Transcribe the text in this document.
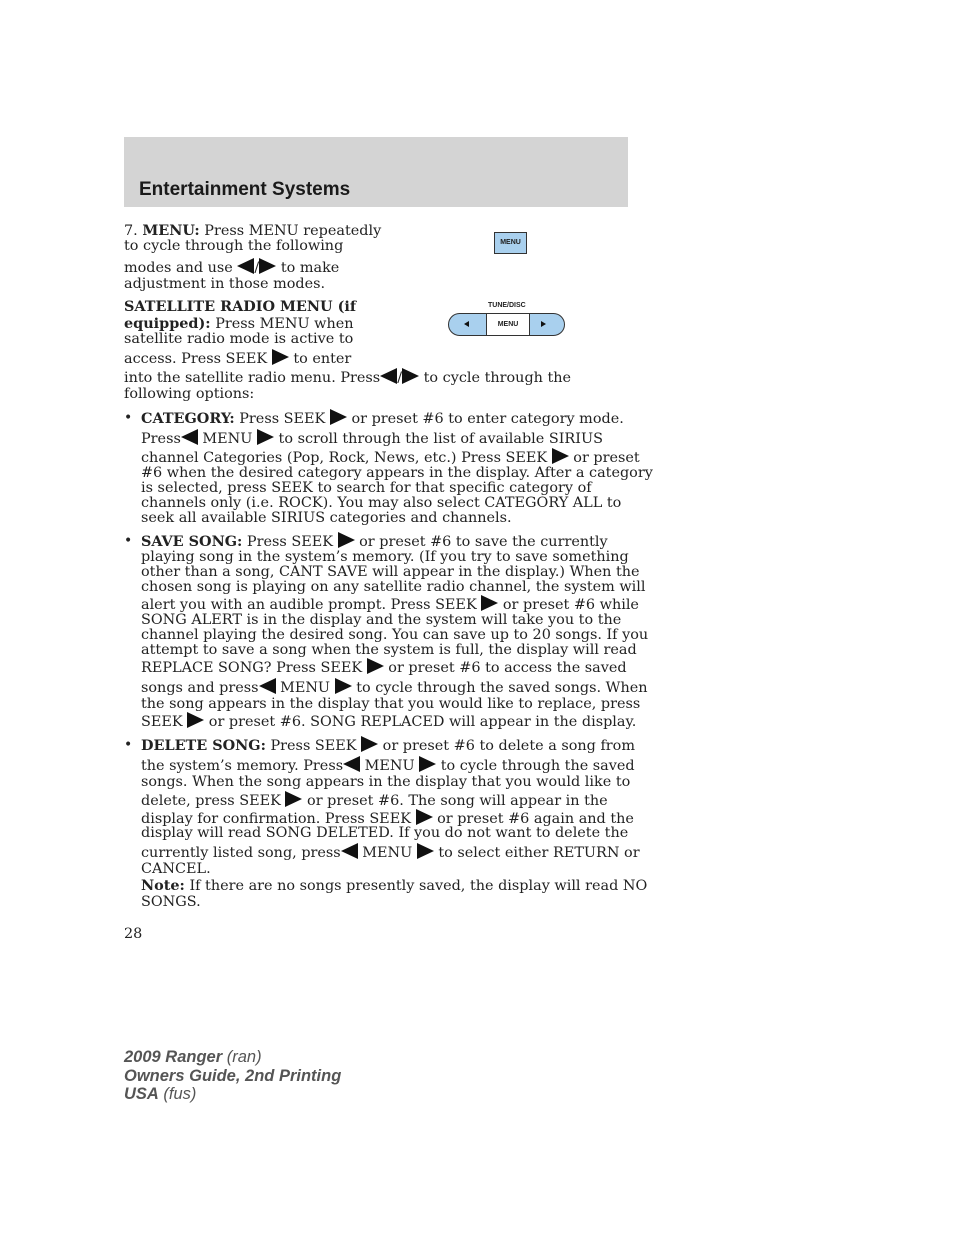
Entertainment Systems
MENU
TUNE/DISC
MENU
7. MENU: Press MENU repeatedly
to cycle through the following
modes and use / to make
adjustment in those modes.
SATELLITE RADIO MENU (if
equipped): Press MENU when
satellite radio mode is active to
access. Press SEEK  to enter
into the satellite radio menu. Press / to cycle through the
following options:
• CATEGORY: Press SEEK  or preset #6 to enter category mode.
Press MENU  to scroll through the list of available SIRIUS
channel Categories (Pop, Rock, News, etc.) Press SEEK  or preset
#6 when the desired category appears in the display. After a category
is selected, press SEEK to search for that specific category of
channels only (i.e. ROCK). You may also select CATEGORY ALL to
seek all available SIRIUS categories and channels.
• SAVE SONG: Press SEEK  or preset #6 to save the currently
playing song in the system’s memory. (If you try to save something
other than a song, CANT SAVE will appear in the display.) When the
chosen song is playing on any satellite radio channel, the system will
alert you with an audible prompt. Press SEEK  or preset #6 while
SONG ALERT is in the display and the system will take you to the
channel playing the desired song. You can save up to 20 songs. If you
attempt to save a song when the system is full, the display will read
REPLACE SONG? Press SEEK  or preset #6 to access the saved
songs and press MENU  to cycle through the saved songs. When
the song appears in the display that you would like to replace, press
SEEK  or preset #6. SONG REPLACED will appear in the display.
• DELETE SONG: Press SEEK  or preset #6 to delete a song from
the system’s memory. Press MENU  to cycle through the saved
songs. When the song appears in the display that you would like to
delete, press SEEK  or preset #6. The song will appear in the
display for confirmation. Press SEEK  or preset #6 again and the
display will read SONG DELETED. If you do not want to delete the
currently listed song, press MENU  to select either RETURN or
CANCEL.
Note: If there are no songs presently saved, the display will read NO
SONGS.
28
2009 Ranger (ran)
Owners Guide, 2nd Printing
USA (fus)
